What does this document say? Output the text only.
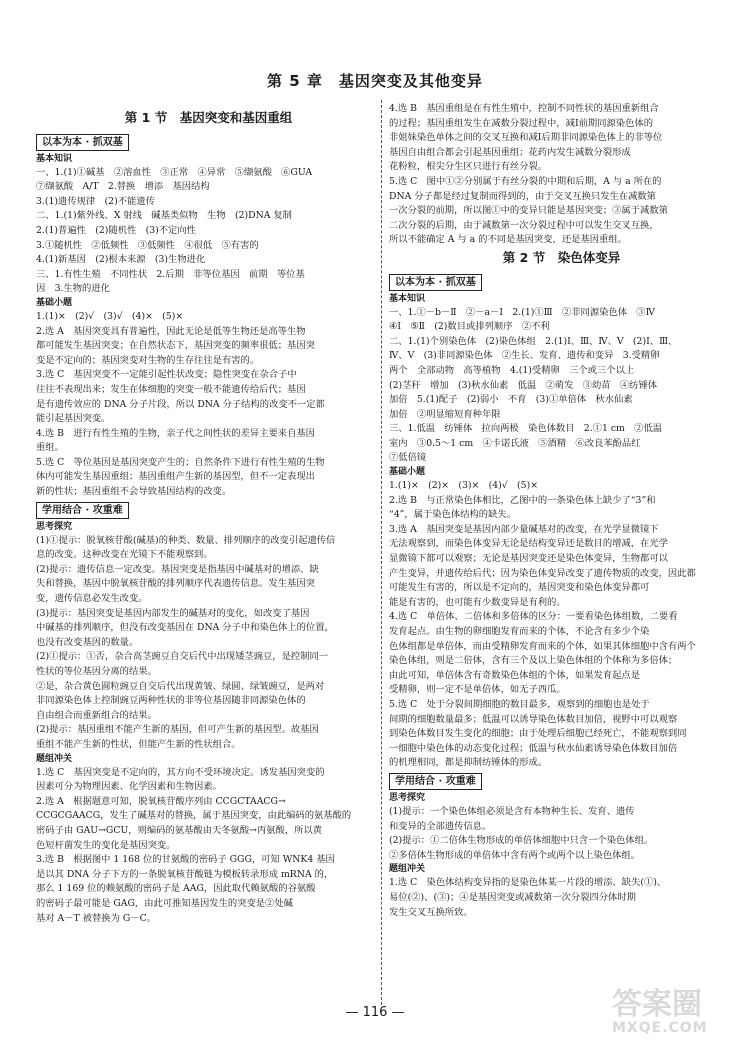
第 5 章　基因突变及其他变异
第 1 节　基因突变和基因重组
以本为本 · 抓双基
基本知识
一、1.(1)①碱基　②溶血性　③正常　④异常　⑤缬氨酸　⑥GUA
⑦缬氨酸　A/T　2.替换　增添　基因结构
3.(1)遗传规律　(2)不能遗传
二、1.(1)紫外线、X 射线　碱基类似物　生物　(2)DNA 复制
2.(1)普遍性　(2)随机性　(3)不定向性
3.①随机性　②低频性　③低频性　④很低　⑤有害的
4.(1)新基因　(2)根本来源　(3)生物进化
三、1.有性生殖　不同性状　2.后期　非等位基因　前期　等位基
因　3.生物的进化
基础小题
1.(1)×　(2)√　(3)√　(4)×　(5)×
2.选 A　基因突变具有普遍性，因此无论是低等生物还是高等生物
都可能发生基因突变；在自然状态下，基因突变的频率很低；基因突
变是不定向的；基因突变对生物的生存往往是有害的。
3.选 C　基因突变不一定能引起性状改变；隐性突变在杂合子中
往往不表现出来；发生在体细胞的突变一般不能遗传给后代；基因
是有遗传效应的 DNA 分子片段，所以 DNA 分子结构的改变不一定都
能引起基因突变。
4.选 B　进行有性生殖的生物，亲子代之间性状的差异主要来自基因
重组。
5.选 C　等位基因是基因突变产生的；自然条件下进行有性生殖的生物
体内可能发生基因重组；基因重组产生新的基因型，但不一定表现出
新的性状；基因重组不会导致基因结构的改变。
学用结合 · 攻重难
思考探究
(1)①提示：脱氧核苷酸(碱基)的种类、数量、排列顺序的改变引起遗传信
息的改变。这种改变在光镜下不能观察到。
(2)提示：遗传信息一定改变。基因突变是指基因中碱基对的增添、缺
失和替换，基因中脱氧核苷酸的排列顺序代表遗传信息。发生基因突
变，遗传信息必发生改变。
(3)提示：基因突变是基因内部发生的碱基对的变化，如改变了基因
中碱基的排列顺序，但没有改变基因在 DNA 分子中和染色体上的位置，
也没有改变基因的数量。
(2)①提示：①否，杂合高茎豌豆自交后代中出现矮茎豌豆，是控制同一
性状的等位基因分离的结果。
②是，杂合黄色圆粒豌豆自交后代出现黄皱、绿圆、绿皱豌豆，是两对
非同源染色体上控制豌豆两种性状的非等位基因随非同源染色体的
自由组合而重新组合的结果。
(2)提示：基因重组不能产生新的基因，但可产生新的基因型。故基因
重组不能产生新的性状，但能产生新的性状组合。
题组冲关
1.选 C　基因突变是不定向的，其方向不受环境决定。诱发基因突变的
因素可分为物理因素、化学因素和生物因素。
2.选 A　根据题意可知，脱氧核苷酸序列由 CCGCTAACG→
CCGCGAACG，发生了碱基对的替换，属于基因突变，由此编码的氨基酸的
密码子由 GAU→GCU，则编码的氨基酸由天冬氨酸→丙氨酸，所以黄
色短杆菌发生的变化是基因突变。
3.选 B　根据图中 1 168 位的甘氨酸的密码子 GGG，可知 WNK4 基因
是以其 DNA 分子下方的一条脱氧核苷酸链为模板转录形成 mRNA 的，
那么 1 169 位的赖氨酸的密码子是 AAG，因此取代赖氨酸的谷氨酸
的密码子最可能是 GAG，由此可推知基因发生的突变是②处碱
基对 A－T 被替换为 G－C。
4.选 B　基因重组是在有性生殖中，控制不同性状的基因重新组合
的过程；基因重组发生在减数分裂过程中，减Ⅰ前期同源染色体的
非姐妹染色单体之间的交叉互换和减Ⅰ后期非同源染色体上的非等位
基因自由组合都会引起基因重组；花药内发生减数分裂形成
花粉粒，根尖分生区只进行有丝分裂。
5.选 C　图中①②分别属于有丝分裂的中期和后期，A 与 a 所在的
DNA 分子都是经过复制而得到的，由于交叉互换只发生在减数第
一次分裂的前期，所以图①中的变异只能是基因突变；③属于减数第
二次分裂的后期，由于减数第一次分裂过程中可以发生交叉互换，
所以不能确定 A 与 a 的不同是基因突变，还是基因重组。
第 2 节　染色体变异
以本为本 · 抓双基
基本知识
一、1.①－b－Ⅱ　②－a－Ⅰ　2.(1)①Ⅲ　②非同源染色体　③Ⅳ
④Ⅰ　⑤Ⅱ　(2)数目或排列顺序　②不利
二、1.(1)个别染色体　(2)染色体组　2.(1)Ⅰ、Ⅲ、Ⅳ、Ⅴ　(2)Ⅰ、Ⅲ、
Ⅳ、Ⅴ　(3)非同源染色体　②生长、发育、遗传和变异　3.受精卵
两个　全部动物　高等植物　4.(1)受精卵　三个或三个以上
(2)茎秆　增加　(3)秋水仙素　低温　②萌发　③幼苗　④纺锤体
加倍　5.(1)配子　(2)弱小　不育　(3)①单倍体　秋水仙素
加倍　②明显缩短育种年限
三、1.低温　纺锤体　拉向两极　染色体数目　2.①1 cm　②低温
室内　③0.5～1 cm　④卡诺氏液　⑤酒精　⑥改良苯酚品红
⑦低倍镜
基础小题
1.(1)×　(2)×　(3)×　(4)√　(5)×
2.选 B　与正常染色体相比，乙图中的一条染色体上缺少了“3”和
“4”，属于染色体结构的缺失。
3.选 A　基因突变是基因内部少量碱基对的改变，在光学显微镜下
无法观察到，而染色体变异无论是结构变异还是数目的增减，在光学
显微镜下都可以观察；无论是基因突变还是染色体变异，生物都可以
产生变异，并遗传给后代；因为染色体变异改变了遗传物质的改变，因此都
可能发生有害的，所以是不定向的，基因突变和染色体变异都可
能是有害的，也可能有少数变异是有利的。
4.选 C　单倍体、二倍体和多倍体的区分：一要看染色体组数，二要看
发育起点。由生物的卵细胞发育而来的个体，不论含有多少个染
色体组都是单倍体，而由受精卵发育而来的个体，如果其体细胞中含有两个
染色体组，则是二倍体，含有三个及以上染色体组的个体称为多倍体；
由此可知，单倍体含有奇数染色体组的个体，如果发育起点是
受精卵，则一定不是单倍体，如无子西瓜。
5.选 C　处于分裂间期细胞的数目最多，观察到的细胞也是处于
间期的细胞数量最多；低温可以诱导染色体数目加倍，视野中可以观察
到染色体数目发生变化的细胞；由于处理后细胞已经死亡，不能观察到同
一细胞中染色体的动态变化过程；低温与秋水仙素诱导染色体数目加倍
的机理相同，都是抑制纺锤体的形成。
学用结合 · 攻重难
思考探究
(1)提示：一个染色体组必须是含有本物种生长、发育、遗传
和变异的全部遗传信息。
(2)提示：①二倍体生物形成的单倍体细胞中只含一个染色体组。
②多倍体生物形成的单倍体中含有两个或两个以上染色体组。
题组冲关
1.选 C　染色体结构变异指的是染色体某一片段的增添、缺失(①)、
易位(②)、(③)；④是基因突变或减数第一次分裂四分体时期
发生交叉互换所致。
— 116 —	答案圈
MXQE.COM
